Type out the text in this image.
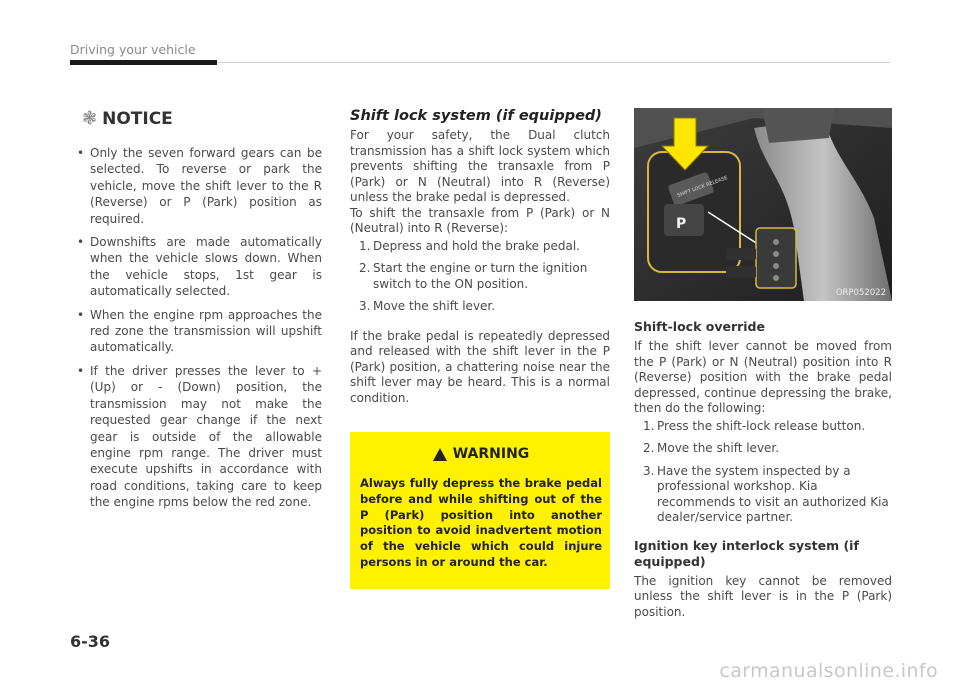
Driving your vehicle
❃ NOTICE
• Only the seven forward gears can be selected. To reverse or park the vehicle, move the shift lever to the R (Reverse) or P (Park) position as required.
• Downshifts are made automatically when the vehicle slows down. When the vehicle stops, 1st gear is automatically selected.
• When the engine rpm approaches the red zone the transmission will upshift automatically.
• If the driver presses the lever to + (Up) or - (Down) position, the transmission may not make the requested gear change if the next gear is outside of the allowable engine rpm range. The driver must execute upshifts in accordance with road conditions, taking care to keep the engine rpms below the red zone.
Shift lock system (if equipped)

For your safety, the Dual clutch transmission has a shift lock system which prevents shifting the transaxle from P (Park) or N (Neutral) into R (Reverse) unless the brake pedal is depressed.

To shift the transaxle from P (Park) or N (Neutral) into R (Reverse):

1. Depress and hold the brake pedal.
2. Start the engine or turn the ignition switch to the ON position.
3. Move the shift lever.

If the brake pedal is repeatedly depressed and released with the shift lever in the P (Park) position, a chattering noise near the shift lever may be heard. This is a normal condition.

WARNING

Always fully depress the brake pedal before and while shifting out of the P (Park) position into another position to avoid inadvertent motion of the vehicle which could injure persons in or around the car.

SHIFT LOCK RELEASE
P
ORP052022
Shift-lock override

If the shift lever cannot be moved from the P (Park) or N (Neutral) position into R (Reverse) position with the brake pedal depressed, continue depressing the brake, then do the following:

1. Press the shift-lock release button.
2. Move the shift lever.
3. Have the system inspected by a professional workshop. Kia recommends to visit an authorized Kia dealer/service partner.
Ignition key interlock system (if equipped)

The ignition key cannot be removed unless the shift lever is in the P (Park) position.

6-36
carmanualsonline.info
